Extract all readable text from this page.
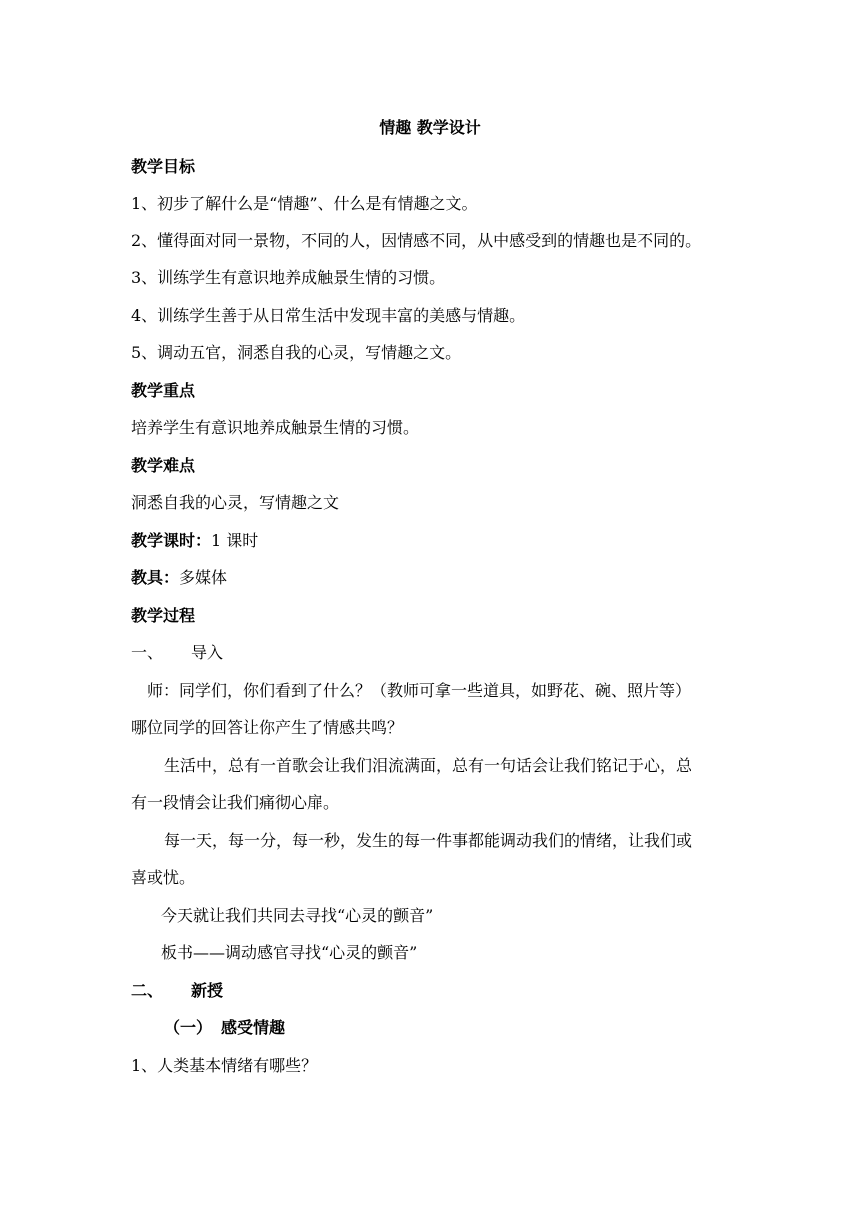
情趣 教学设计
教学目标
1、初步了解什么是“情趣”、什么是有情趣之文。
2、懂得面对同一景物，不同的人，因情感不同，从中感受到的情趣也是不同的。
3、训练学生有意识地养成触景生情的习惯。
4、训练学生善于从日常生活中发现丰富的美感与情趣。
5、调动五官，洞悉自我的心灵，写情趣之文。
教学重点
培养学生有意识地养成触景生情的习惯。
教学难点
洞悉自我的心灵，写情趣之文
教学课时：1 课时
教具：多媒体
教学过程
一、 导入
师：同学们，你们看到了什么？（教师可拿一些道具，如野花、碗、照片等）
哪位同学的回答让你产生了情感共鸣？
生活中，总有一首歌会让我们泪流满面，总有一句话会让我们铭记于心，总
有一段情会让我们痛彻心扉。
每一天，每一分，每一秒，发生的每一件事都能调动我们的情绪，让我们或
喜或忧。
今天就让我们共同去寻找“心灵的颤音”
板书——调动感官寻找“心灵的颤音”
二、 新授
（一） 感受情趣
1、人类基本情绪有哪些？
